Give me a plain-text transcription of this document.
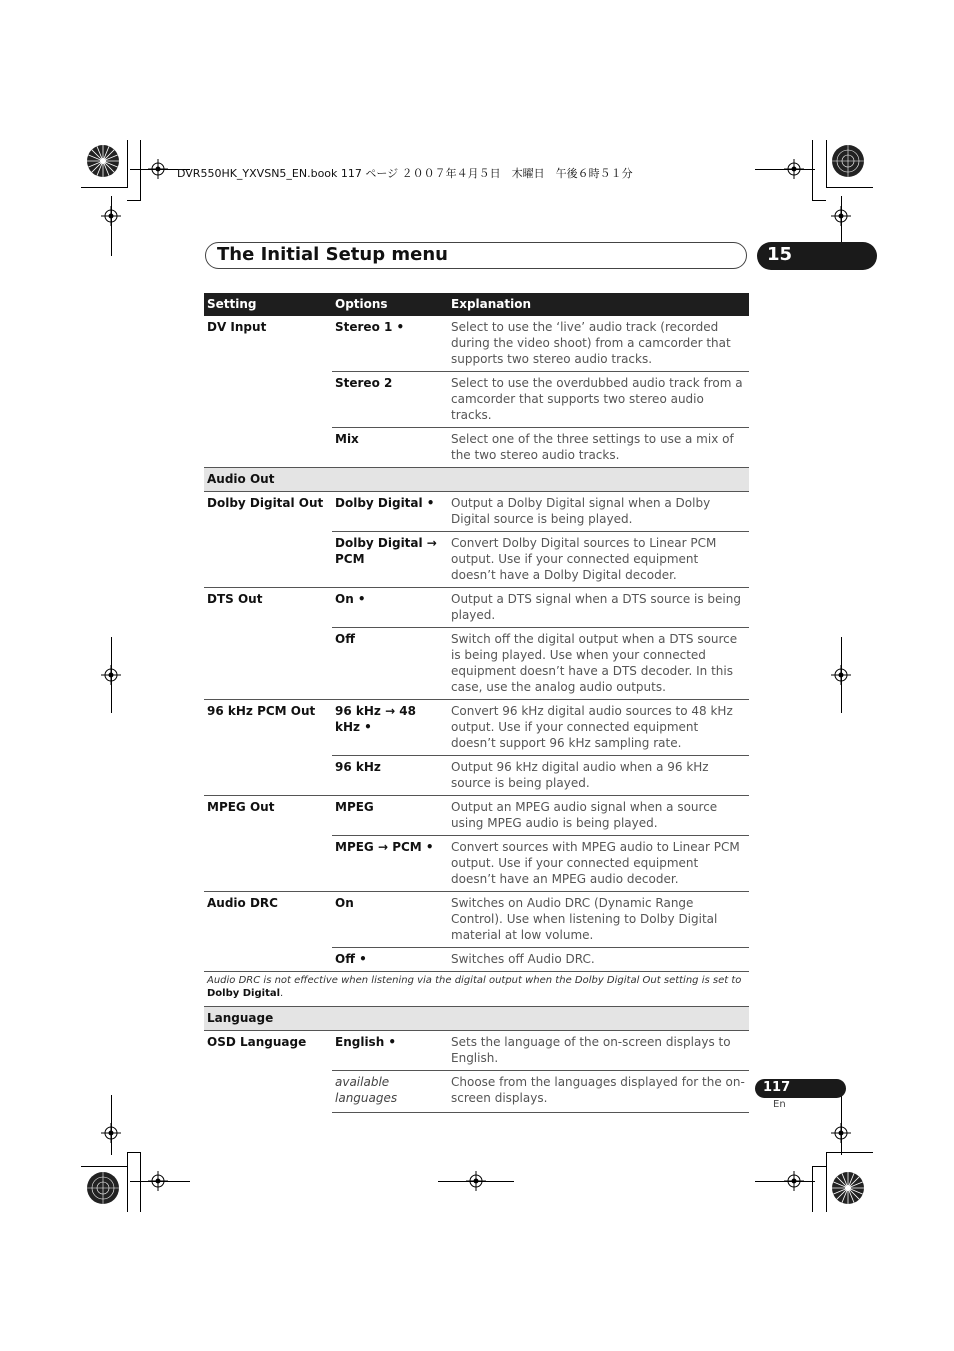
DVR550HK_YXVSN5_EN.book 117 ページ ２００７年４月５日　木曜日　午後６時５１分
The Initial Setup menu	15
Setting	Options	Explanation
DV Input	Stereo 1 •	Select to use the ‘live’ audio track (recorded during the video shoot) from a camcorder that supports two stereo audio tracks.
	Stereo 2	Select to use the overdubbed audio track from a camcorder that supports two stereo audio tracks.
	Mix	Select one of the three settings to use a mix of the two stereo audio tracks.
Audio Out		
Dolby Digital Out	Dolby Digital •	Output a Dolby Digital signal when a Dolby Digital source is being played.
	Dolby Digital → PCM	Convert Dolby Digital sources to Linear PCM output. Use if your connected equipment doesn’t have a Dolby Digital decoder.
DTS Out	On •	Output a DTS signal when a DTS source is being played.
	Off	Switch off the digital output when a DTS source is being played. Use when your connected equipment doesn’t have a DTS decoder. In this case, use the analog audio outputs.
96 kHz PCM Out	96 kHz → 48 kHz •	Convert 96 kHz digital audio sources to 48 kHz output. Use if your connected equipment doesn’t support 96 kHz sampling rate.
	96 kHz	Output 96 kHz digital audio when a 96 kHz source is being played.
MPEG Out	MPEG	Output an MPEG audio signal when a source using MPEG audio is being played.
	MPEG → PCM •	Convert sources with MPEG audio to Linear PCM output. Use if your connected equipment doesn’t have an MPEG audio decoder.
Audio DRC	On	Switches on Audio DRC (Dynamic Range Control). Use when listening to Dolby Digital material at low volume.
	Off •	Switches off Audio DRC.
Audio DRC is not effective when listening via the digital output when the Dolby Digital Out setting is set to Dolby Digital.		
Language		
OSD Language	English •	Sets the language of the on-screen displays to English.
	available languages	Choose from the languages displayed for the on-screen displays.
117
En
